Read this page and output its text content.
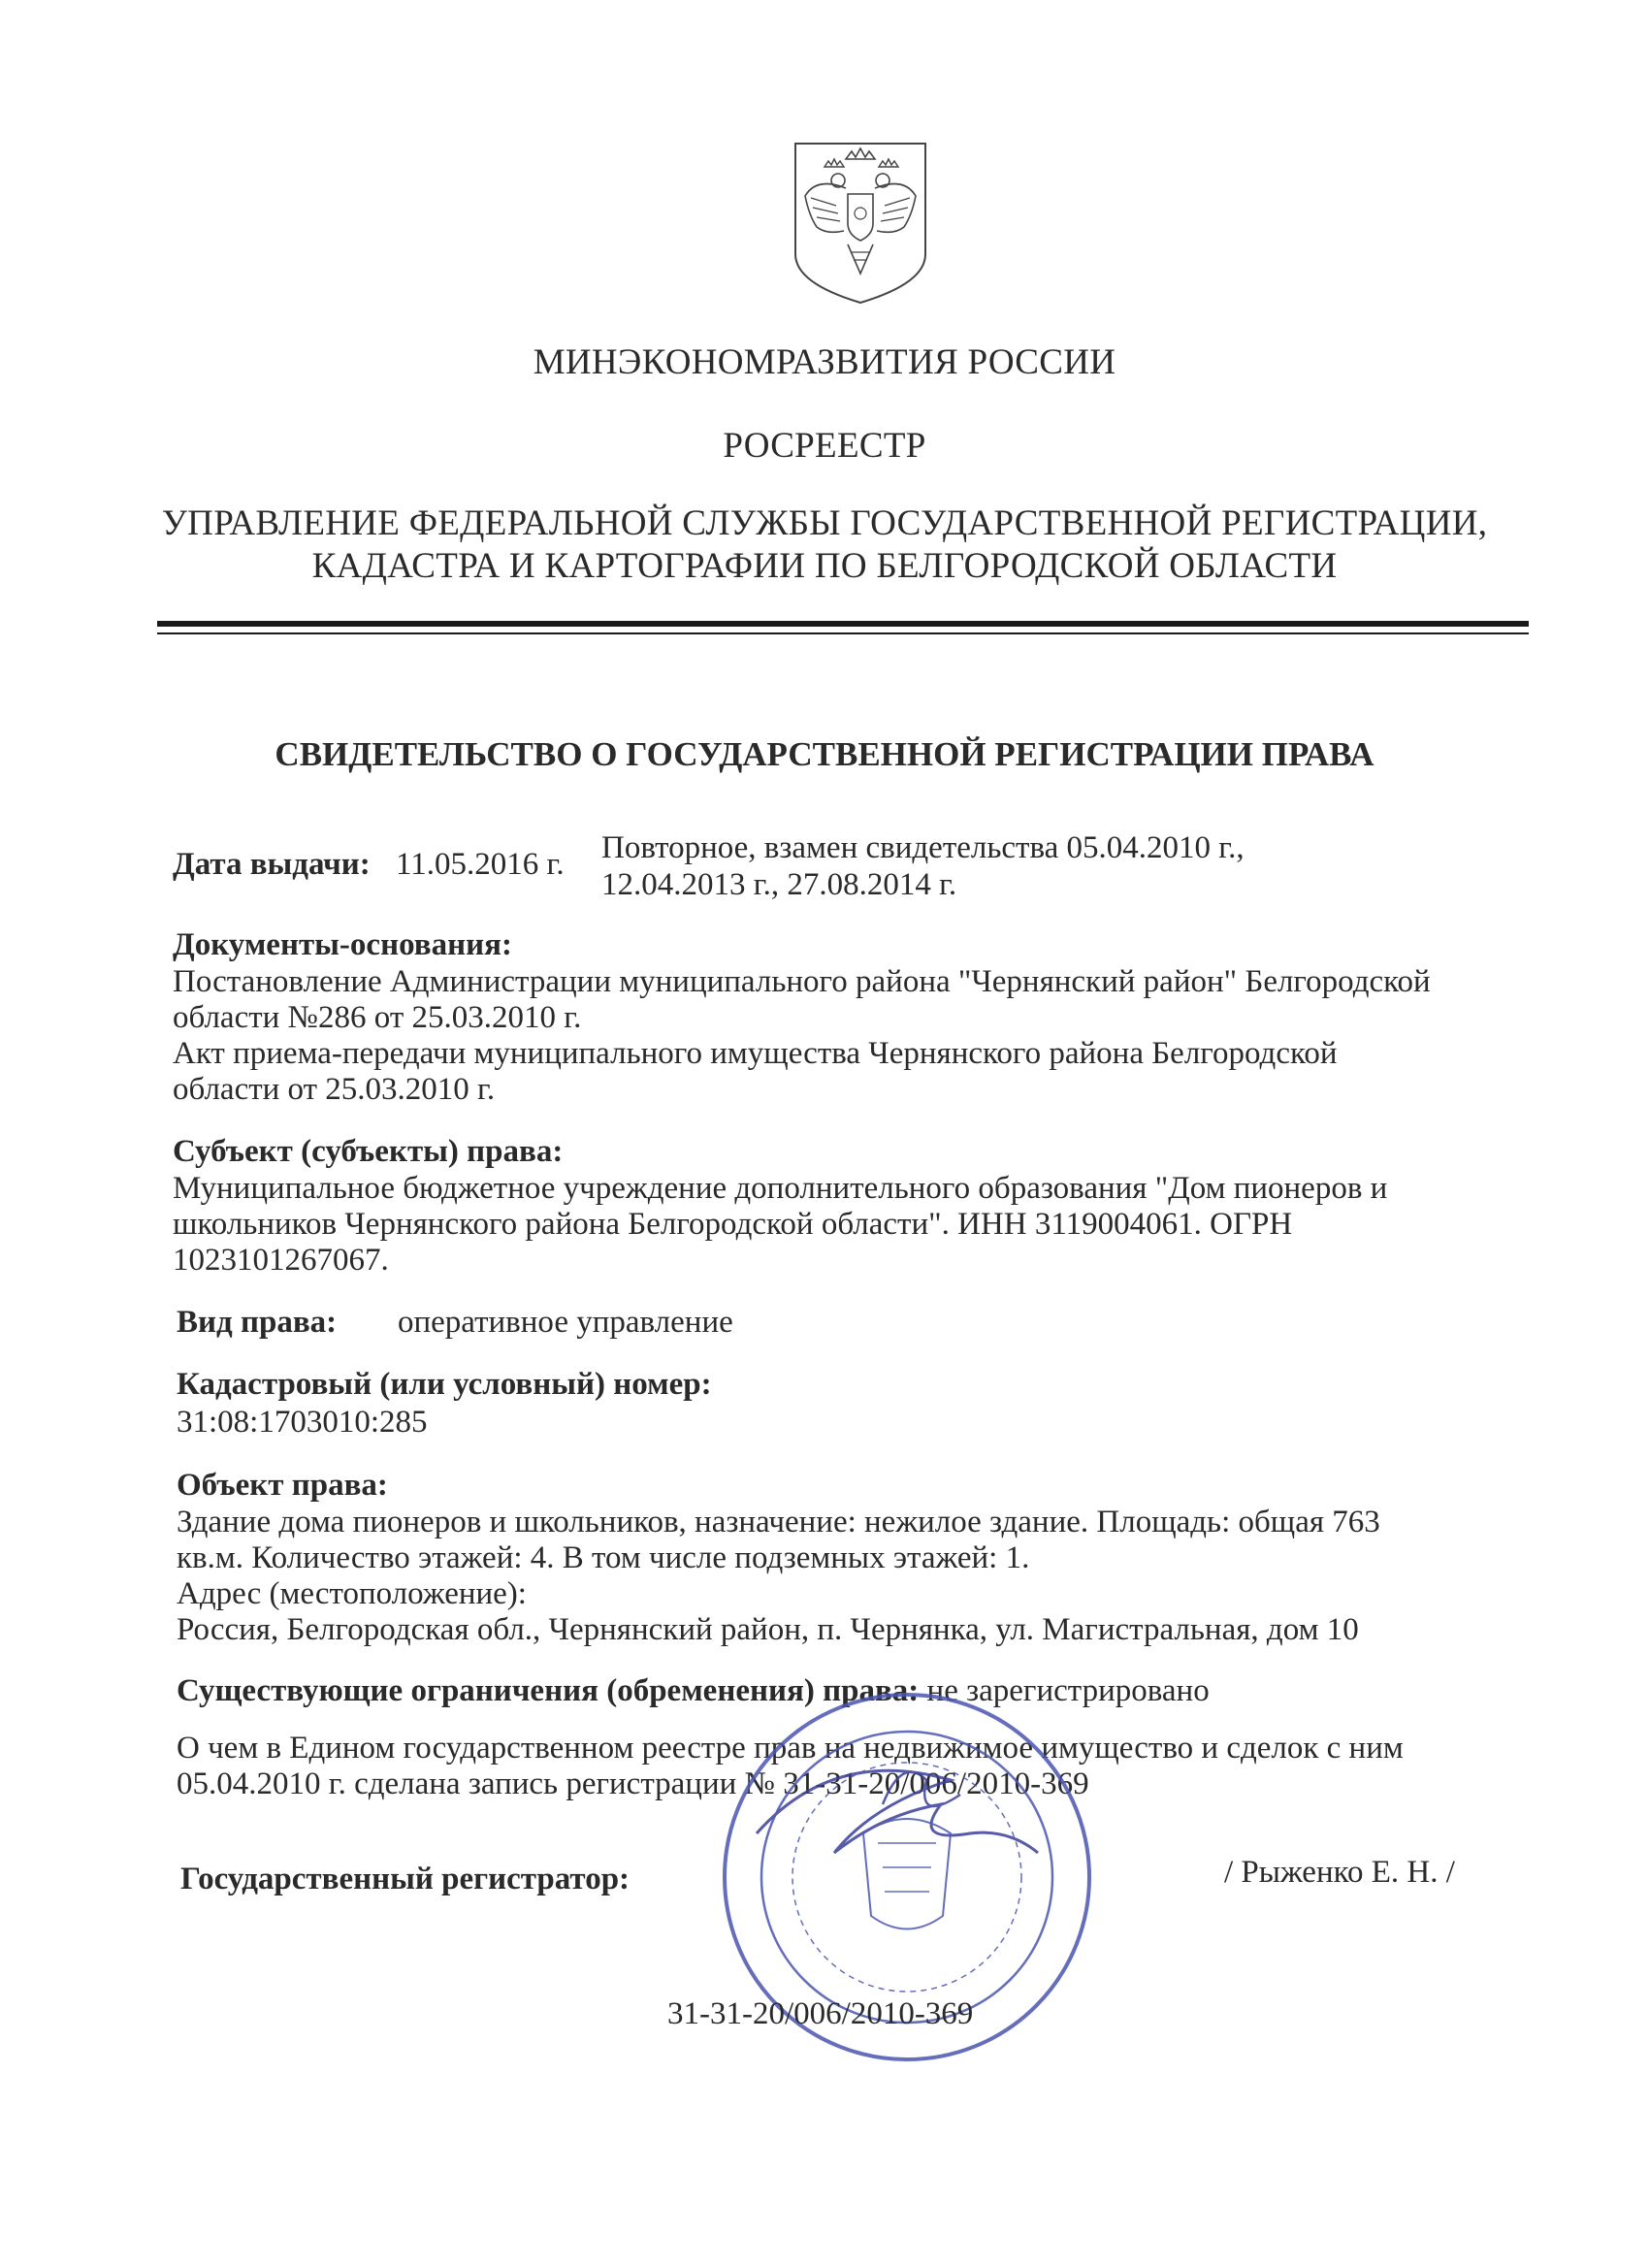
МИНЭКОНОМРАЗВИТИЯ РОССИИ
РОСРЕЕСТР
УПРАВЛЕНИЕ ФЕДЕРАЛЬНОЙ СЛУЖБЫ ГОСУДАРСТВЕННОЙ РЕГИСТРАЦИИ,
КАДАСТРА И КАРТОГРАФИИ ПО БЕЛГОРОДСКОЙ ОБЛАСТИ
СВИДЕТЕЛЬСТВО О ГОСУДАРСТВЕННОЙ РЕГИСТРАЦИИ ПРАВА
Дата выдачи: 11.05.2016 г. Повторное, взамен свидетельства 05.04.2010 г.,
12.04.2013 г., 27.08.2014 г.
Документы-основания:
Постановление Администрации муниципального района "Чернянский район" Белгородской
области №286 от 25.03.2010 г.
Акт приема-передачи муниципального имущества Чернянского района Белгородской
области от 25.03.2010 г.
Субъект (субъекты) права:
Муниципальное бюджетное учреждение дополнительного образования "Дом пионеров и
школьников Чернянского района Белгородской области". ИНН 3119004061. ОГРН
1023101267067.
Вид права: оперативное управление
Кадастровый (или условный) номер:
31:08:1703010:285
Объект права:
Здание дома пионеров и школьников, назначение: нежилое здание. Площадь: общая 763
кв.м. Количество этажей: 4. В том числе подземных этажей: 1.
Адрес (местоположение):
Россия, Белгородская обл., Чернянский район, п. Чернянка, ул. Магистральная, дом 10
Существующие ограничения (обременения) права: не зарегистрировано
О чем в Едином государственном реестре прав на недвижимое имущество и сделок с ним
05.04.2010 г. сделана запись регистрации № 31-31-20/006/2010-369
Государственный регистратор:	/ Рыженко Е. Н. /
31-31-20/006/2010-369
